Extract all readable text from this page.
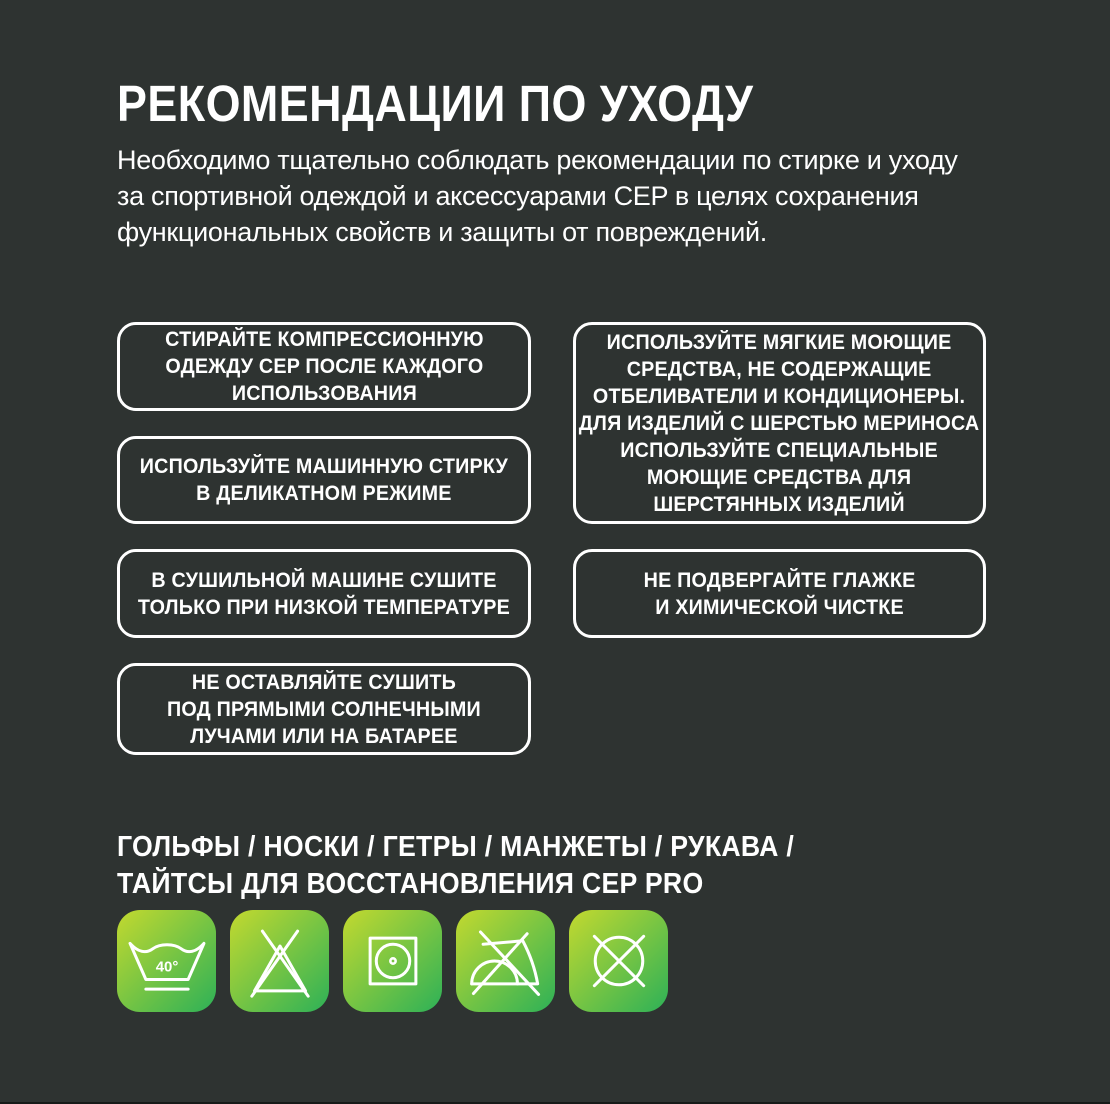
РЕКОМЕНДАЦИИ ПО УХОДУ
Необходимо тщательно соблюдать рекомендации по стирке и уходу
за спортивной одеждой и аксессуарами CEP в целях сохранения
функциональных свойств и защиты от повреждений.
СТИРАЙТЕ КОМПРЕССИОННУЮ
ОДЕЖДУ CEP ПОСЛЕ КАЖДОГО
ИСПОЛЬЗОВАНИЯ
ИСПОЛЬЗУЙТЕ МАШИННУЮ СТИРКУ
В ДЕЛИКАТНОМ РЕЖИМЕ
В СУШИЛЬНОЙ МАШИНЕ СУШИТЕ
ТОЛЬКО ПРИ НИЗКОЙ ТЕМПЕРАТУРЕ
НЕ ОСТАВЛЯЙТЕ СУШИТЬ
ПОД ПРЯМЫМИ СОЛНЕЧНЫМИ
ЛУЧАМИ ИЛИ НА БАТАРЕЕ
ИСПОЛЬЗУЙТЕ МЯГКИЕ МОЮЩИЕ
СРЕДСТВА, НЕ СОДЕРЖАЩИЕ
ОТБЕЛИВАТЕЛИ И КОНДИЦИОНЕРЫ.
ДЛЯ ИЗДЕЛИЙ С ШЕРСТЬЮ МЕРИНОСА
ИСПОЛЬЗУЙТЕ СПЕЦИАЛЬНЫЕ
МОЮЩИЕ СРЕДСТВА ДЛЯ
ШЕРСТЯННЫХ ИЗДЕЛИЙ
НЕ ПОДВЕРГАЙТЕ ГЛАЖКЕ
И ХИМИЧЕСКОЙ ЧИСТКЕ
ГОЛЬФЫ / НОСКИ / ГЕТРЫ / МАНЖЕТЫ / РУКАВА /
ТАЙТСЫ ДЛЯ ВОССТАНОВЛЕНИЯ CEP PRO
40°
